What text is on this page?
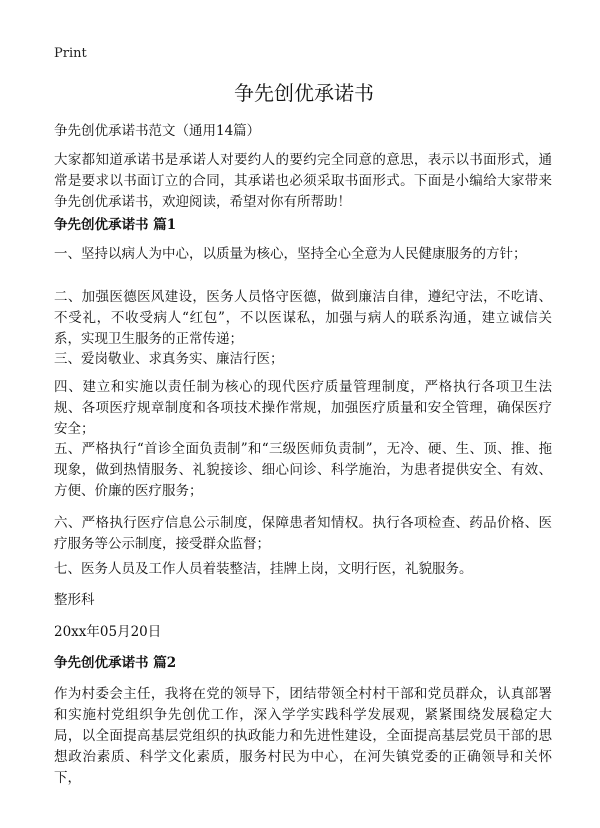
Print
争先创优承诺书
争先创优承诺书范文（通用14篇）

大家都知道承诺书是承诺人对要约人的要约完全同意的意思，表示以书面形式，通常是要求以书面订立的合同，其承诺也必须采取书面形式。下面是小编给大家带来争先创优承诺书，欢迎阅读，希望对你有所帮助！

争先创优承诺书 篇1

一、坚持以病人为中心，以质量为核心，坚持全心全意为人民健康服务的方针；

二、加强医德医风建设，医务人员恪守医德，做到廉洁自律，遵纪守法，不吃请、不受礼，不收受病人“红包”，不以医谋私，加强与病人的联系沟通，建立诚信关系，实现卫生服务的正常传递；

三、爱岗敬业、求真务实、廉洁行医；

四、建立和实施以责任制为核心的现代医疗质量管理制度，严格执行各项卫生法规、各项医疗规章制度和各项技术操作常规，加强医疗质量和安全管理，确保医疗安全；

五、严格执行“首诊全面负责制”和“三级医师负责制”，无冷、硬、生、顶、推、拖现象，做到热情服务、礼貌接诊、细心问诊、科学施治，为患者提供安全、有效、方便、价廉的医疗服务；

六、严格执行医疗信息公示制度，保障患者知情权。执行各项检查、药品价格、医疗服务等公示制度，接受群众监督；

七、医务人员及工作人员着装整洁，挂牌上岗，文明行医，礼貌服务。

整形科

20xx年05月20日

争先创优承诺书 篇2

作为村委会主任，我将在党的领导下，团结带领全村村干部和党员群众，认真部署和实施村党组织争先创优工作，深入学学实践科学发展观，紧紧围绕发展稳定大局，以全面提高基层党组织的执政能力和先进性建设，全面提高基层党员干部的思想政治素质、科学文化素质，服务村民为中心，在河失镇党委的正确领导和关怀下，
